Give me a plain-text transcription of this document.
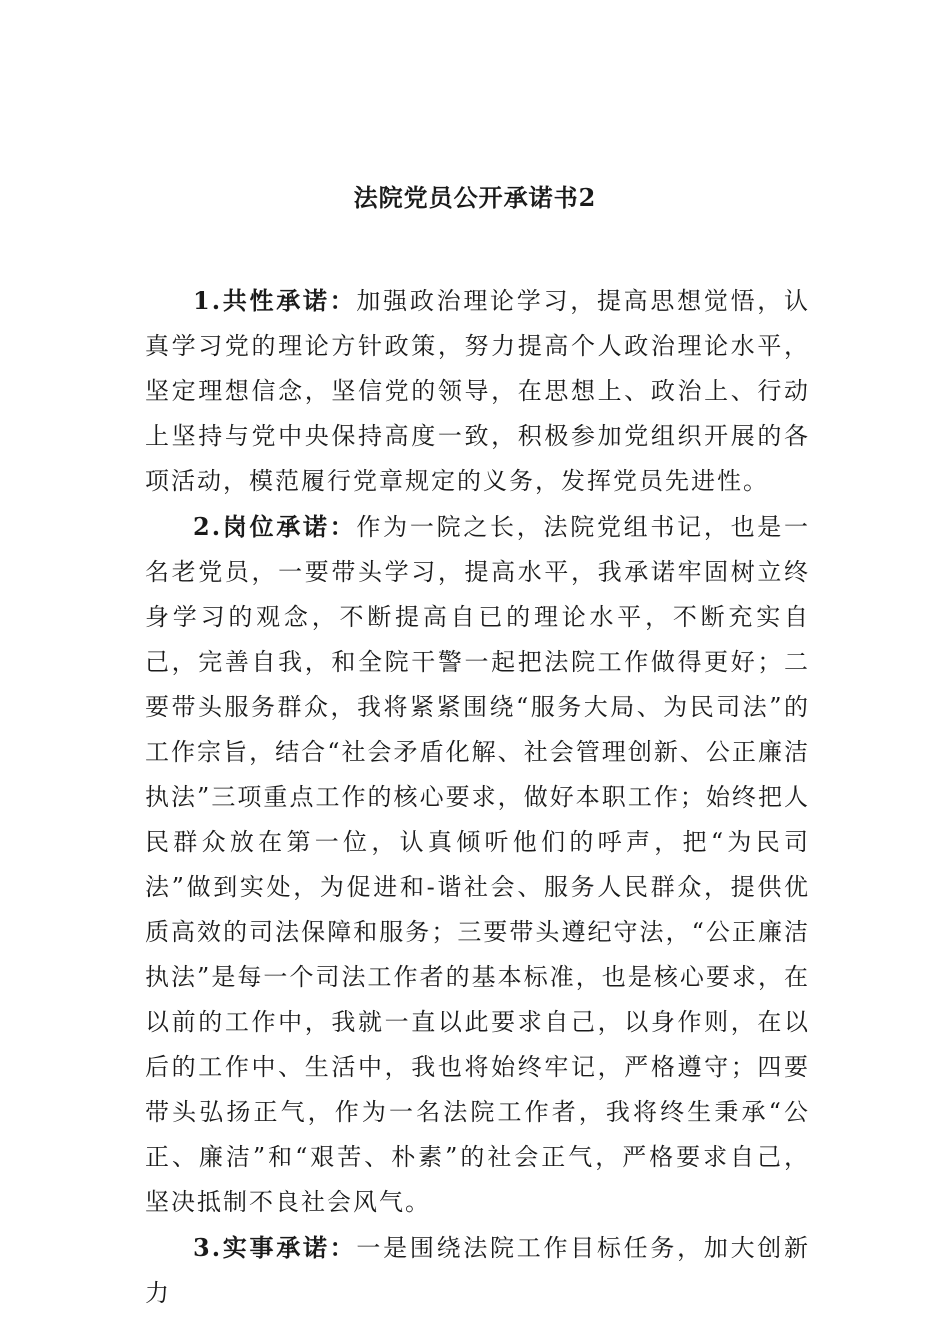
法院党员公开承诺书2

1.共性承诺：加强政治理论学习，提高思想觉悟，认真学习党的理论方针政策，努力提高个人政治理论水平，坚定理想信念，坚信党的领导，在思想上、政治上、行动上坚持与党中央保持高度一致，积极参加党组织开展的各项活动，模范履行党章规定的义务，发挥党员先进性。

2.岗位承诺：作为一院之长，法院党组书记，也是一名老党员，一要带头学习，提高水平，我承诺牢固树立终身学习的观念，不断提高自已的理论水平，不断充实自己，完善自我，和全院干警一起把法院工作做得更好；二要带头服务群众，我将紧紧围绕“服务大局、为民司法”的工作宗旨，结合“社会矛盾化解、社会管理创新、公正廉洁执法”三项重点工作的核心要求，做好本职工作；始终把人民群众放在第一位，认真倾听他们的呼声，把“为民司法”做到实处，为促进和-谐社会、服务人民群众，提供优质高效的司法保障和服务；三要带头遵纪守法，“公正廉洁执法”是每一个司法工作者的基本标准，也是核心要求，在以前的工作中，我就一直以此要求自己，以身作则，在以后的工作中、生活中，我也将始终牢记，严格遵守；四要带头弘扬正气，作为一名法院工作者，我将终生秉承“公正、廉洁”和“艰苦、朴素”的社会正气，严格要求自己，坚决抵制不良社会风气。

3.实事承诺：一是围绕法院工作目标任务，加大创新力
